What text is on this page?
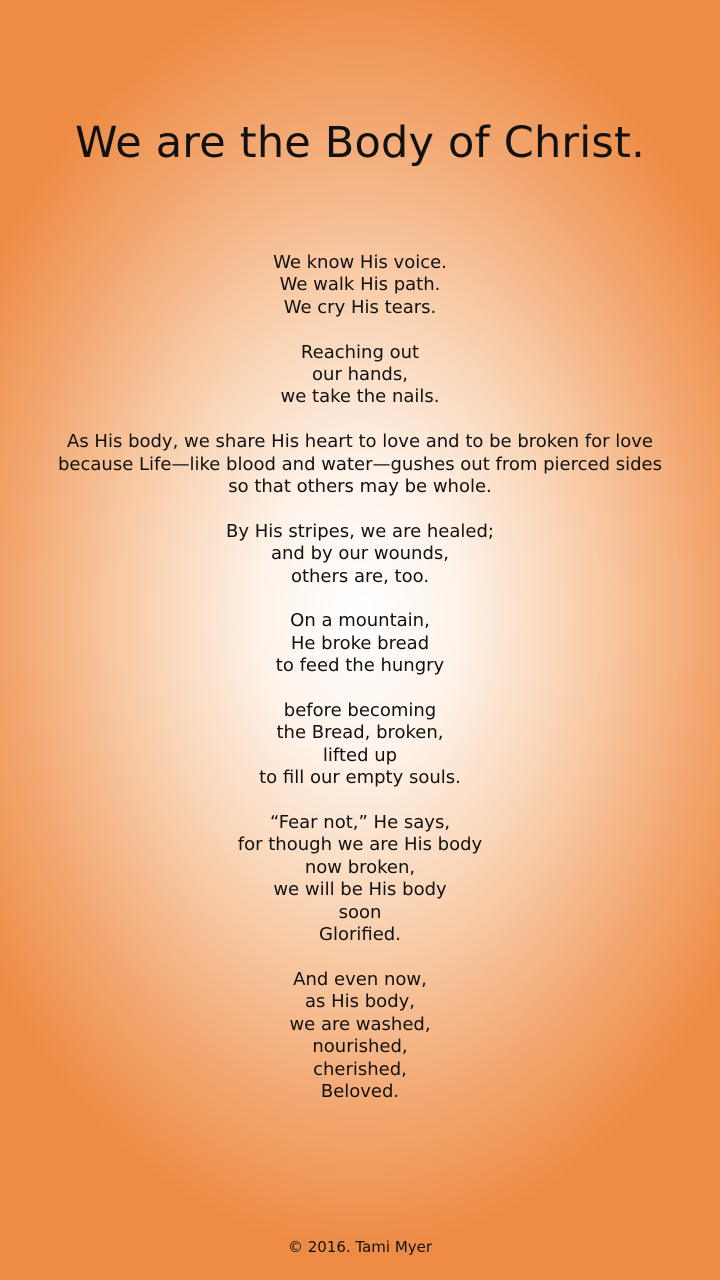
We are the Body of Christ.
We know His voice.
We walk His path.
We cry His tears.
Reaching out
our hands,
we take the nails.
As His body, we share His heart to love and to be broken for love
because Life—like blood and water—gushes out from pierced sides
so that others may be whole.
By His stripes, we are healed;
and by our wounds,
others are, too.
On a mountain,
He broke bread
to feed the hungry
before becoming
the Bread, broken,
lifted up
to fill our empty souls.
“Fear not,” He says,
for though we are His body
now broken,
we will be His body
soon
Glorified.
And even now,
as His body,
we are washed,
nourished,
cherished,
Beloved.
© 2016. Tami Myer
